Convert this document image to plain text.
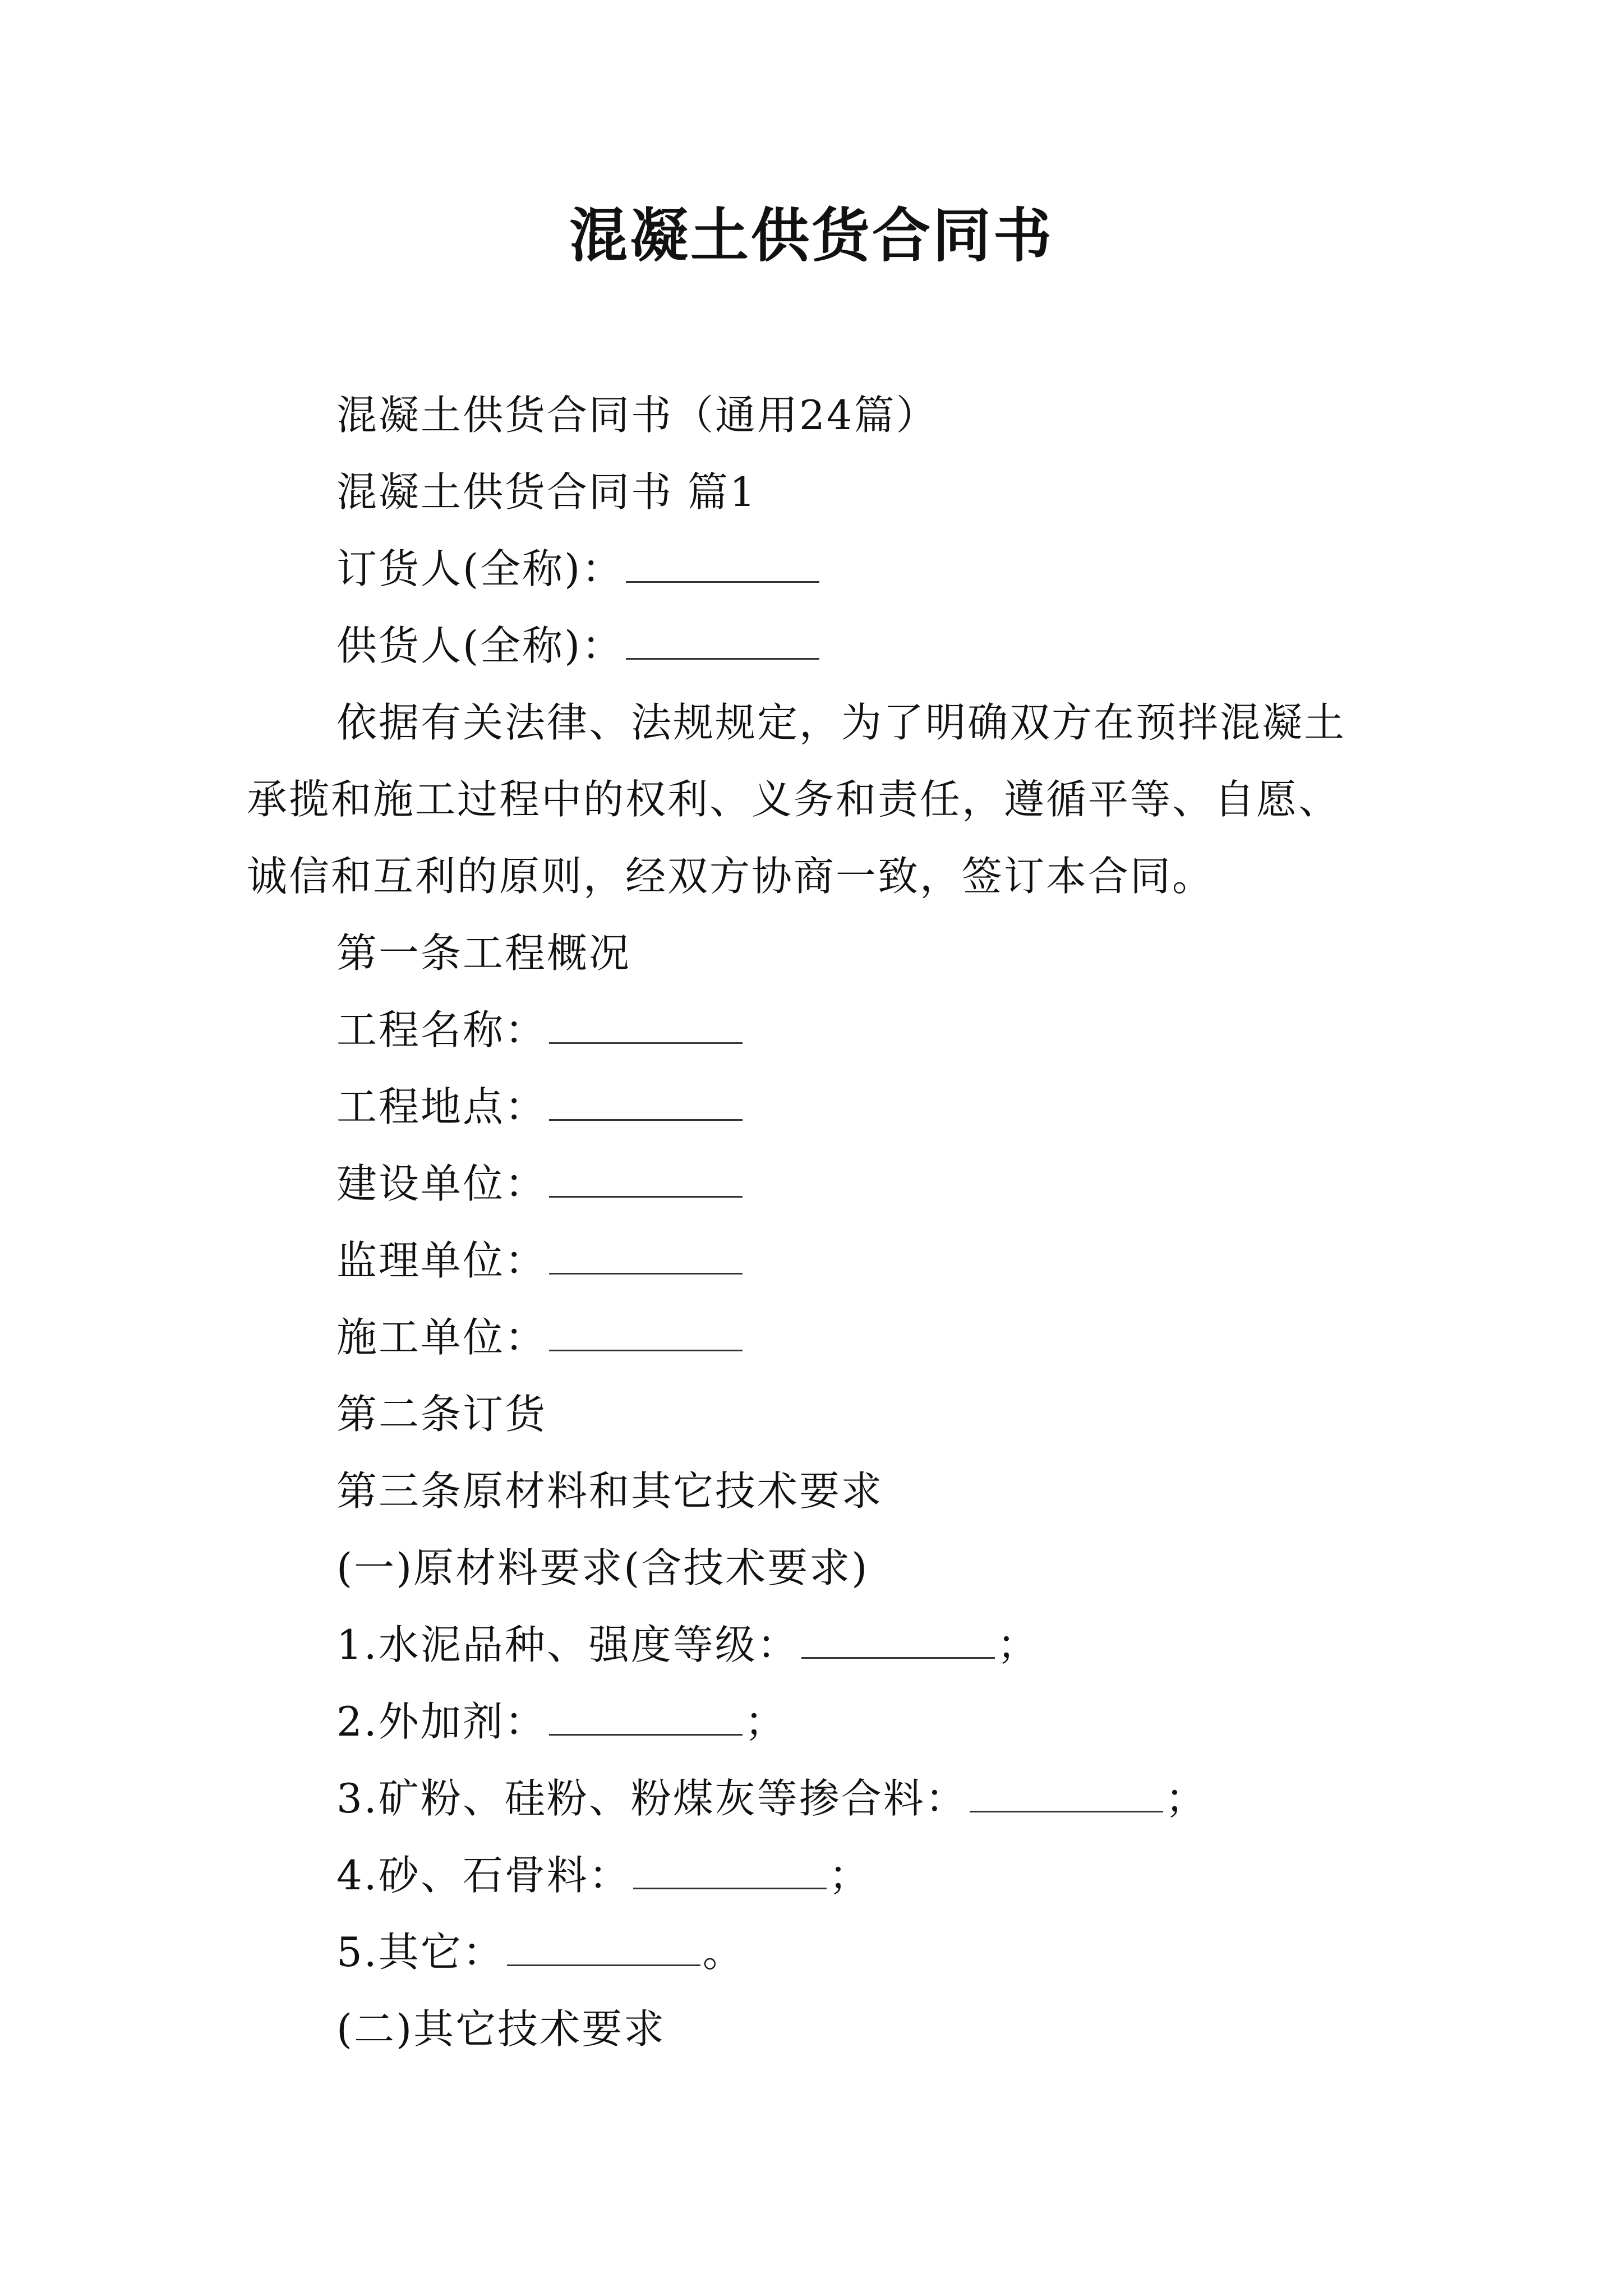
混凝土供货合同书
混凝土供货合同书（通用24篇）
混凝土供货合同书 篇1
订货人(全称)：
供货人(全称)：
依据有关法律、法规规定，为了明确双方在预拌混凝土
承揽和施工过程中的权利、义务和责任，遵循平等、自愿、
诚信和互利的原则，经双方协商一致，签订本合同。
第一条工程概况
工程名称：
工程地点：
建设单位：
监理单位：
施工单位：
第二条订货
第三条原材料和其它技术要求
(一)原材料要求(含技术要求)
1.水泥品种、强度等级：	；
2.外加剂：	；
3.矿粉、硅粉、粉煤灰等掺合料：	；
4.砂、石骨料：	；
5.其它：	。
(二)其它技术要求
